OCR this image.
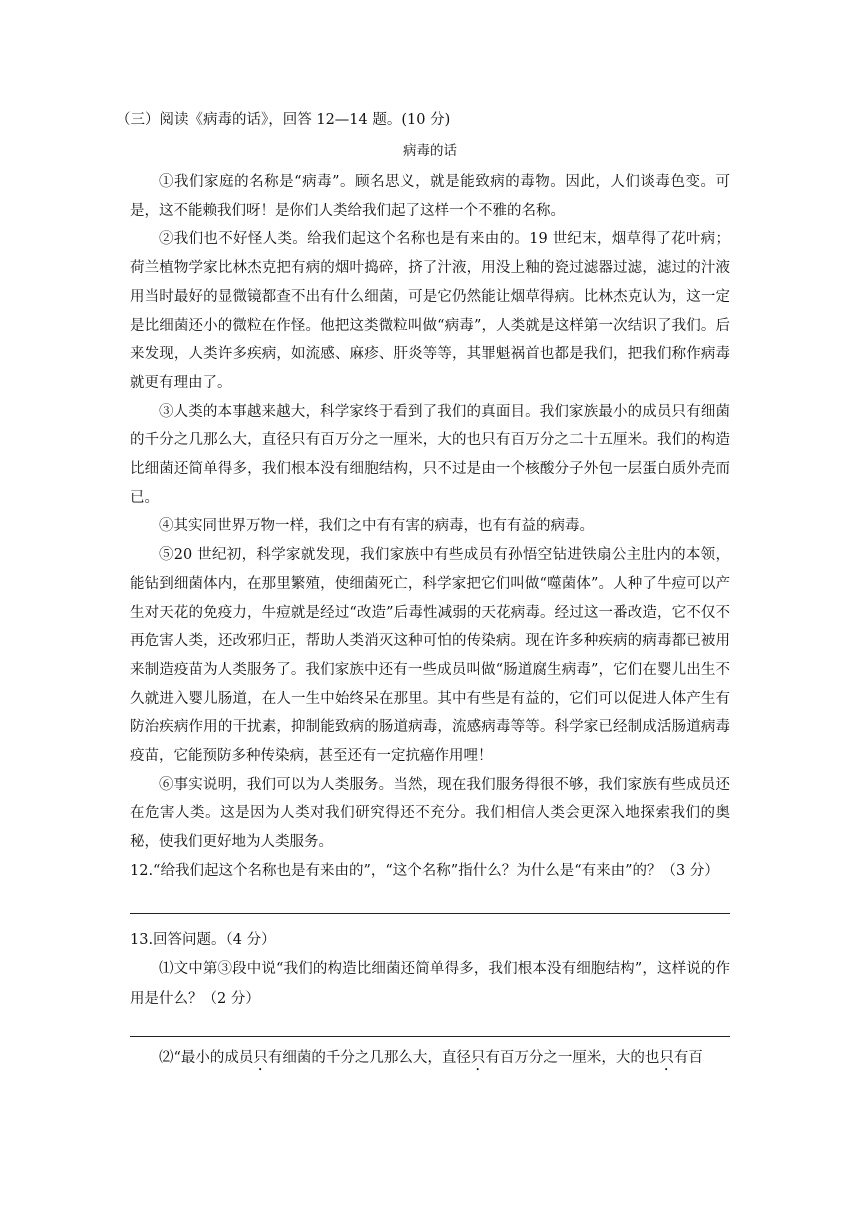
（三）阅读《病毒的话》，回答 12—14 题。(10 分)

病毒的话

①我们家庭的名称是“病毒”。顾名思义，就是能致病的毒物。因此，人们谈毒色变。可是，这不能赖我们呀！是你们人类给我们起了这样一个不雅的名称。

②我们也不好怪人类。给我们起这个名称也是有来由的。19 世纪末，烟草得了花叶病；荷兰植物学家比林杰克把有病的烟叶捣碎，挤了汁液，用没上釉的瓷过滤器过滤，滤过的汁液用当时最好的显微镜都查不出有什么细菌，可是它仍然能让烟草得病。比林杰克认为，这一定是比细菌还小的微粒在作怪。他把这类微粒叫做“病毒”，人类就是这样第一次结识了我们。后来发现，人类许多疾病，如流感、麻疹、肝炎等等，其罪魁祸首也都是我们，把我们称作病毒就更有理由了。

③人类的本事越来越大，科学家终于看到了我们的真面目。我们家族最小的成员只有细菌的千分之几那么大，直径只有百万分之一厘米，大的也只有百万分之二十五厘米。我们的构造比细菌还简单得多，我们根本没有细胞结构，只不过是由一个核酸分子外包一层蛋白质外壳而已。

④其实同世界万物一样，我们之中有有害的病毒，也有有益的病毒。

⑤20 世纪初，科学家就发现，我们家族中有些成员有孙悟空钻进铁扇公主肚内的本领，能钻到细菌体内，在那里繁殖，使细菌死亡，科学家把它们叫做“噬菌体”。人种了牛痘可以产生对天花的免疫力，牛痘就是经过“改造”后毒性减弱的天花病毒。经过这一番改造，它不仅不再危害人类，还改邪归正，帮助人类消灭这种可怕的传染病。现在许多种疾病的病毒都已被用来制造疫苗为人类服务了。我们家族中还有一些成员叫做“肠道腐生病毒”，它们在婴儿出生不久就进入婴儿肠道，在人一生中始终呆在那里。其中有些是有益的，它们可以促进人体产生有防治疾病作用的干扰素，抑制能致病的肠道病毒，流感病毒等等。科学家已经制成活肠道病毒疫苗，它能预防多种传染病，甚至还有一定抗癌作用哩！

⑥事实说明，我们可以为人类服务。当然，现在我们服务得很不够，我们家族有些成员还在危害人类。这是因为人类对我们研究得还不充分。我们相信人类会更深入地探索我们的奥秘，使我们更好地为人类服务。

12.“给我们起这个名称也是有来由的”，“这个名称”指什么？为什么是“有来由”的？（3 分）

13.回答问题。（4 分）

⑴文中第③段中说“我们的构造比细菌还简单得多，我们根本没有细胞结构”，这样说的作用是什么？（2 分）

⑵“最小的成员只有细菌的千分之几那么大，直径只有百万分之一厘米，大的也只有百
